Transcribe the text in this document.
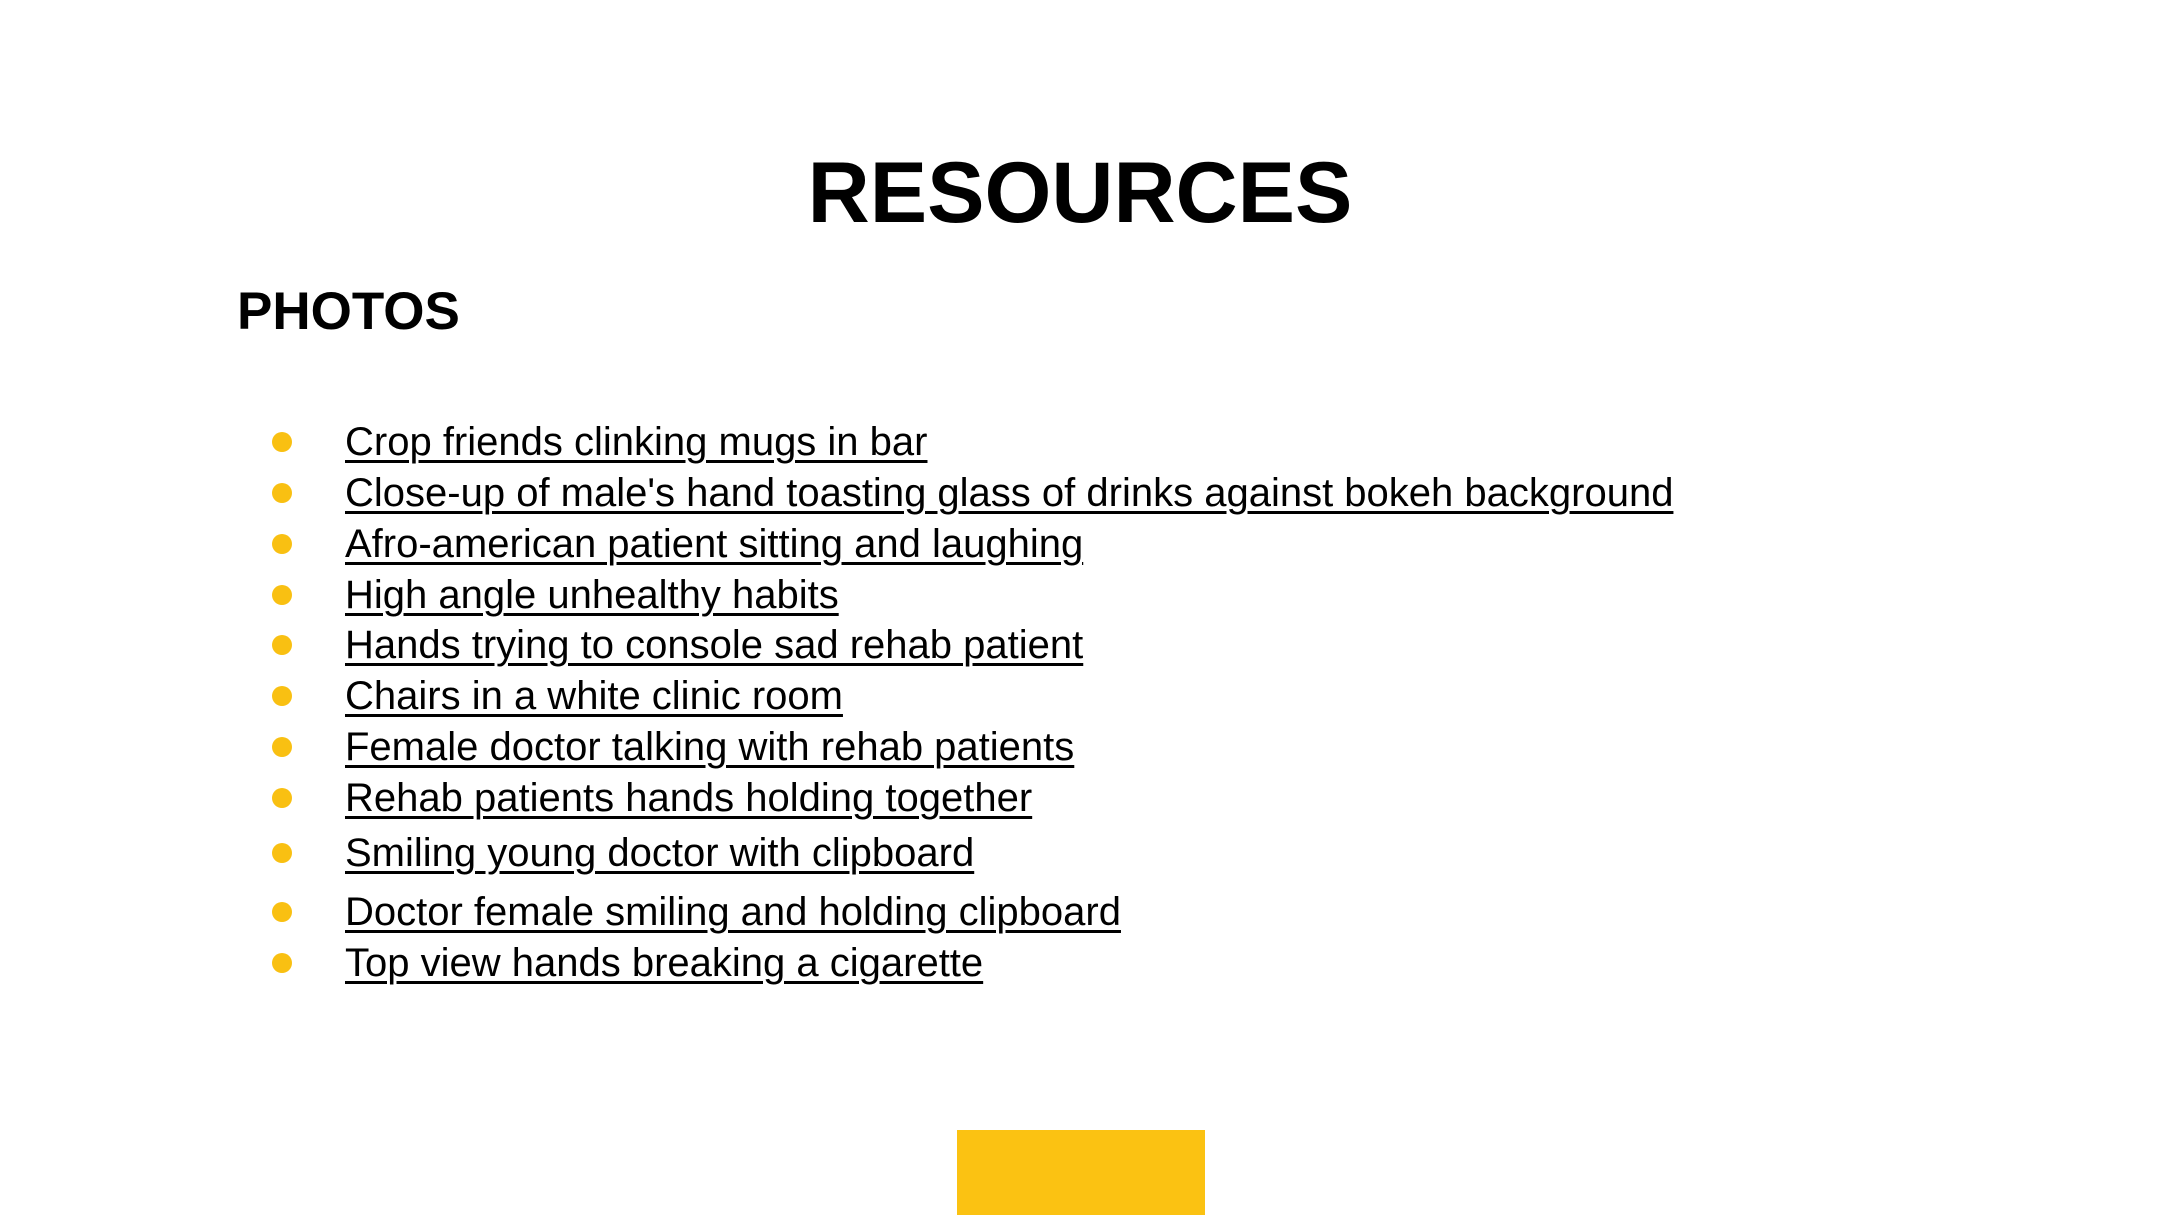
RESOURCES
PHOTOS
Crop friends clinking mugs in bar
Close-up of male's hand toasting glass of drinks against bokeh background
Afro-american patient sitting and laughing
High angle unhealthy habits
Hands trying to console sad rehab patient
Chairs in a white clinic room
Female doctor talking with rehab patients
Rehab patients hands holding together
Smiling young doctor with clipboard
Doctor female smiling and holding clipboard
Top view hands breaking a cigarette
